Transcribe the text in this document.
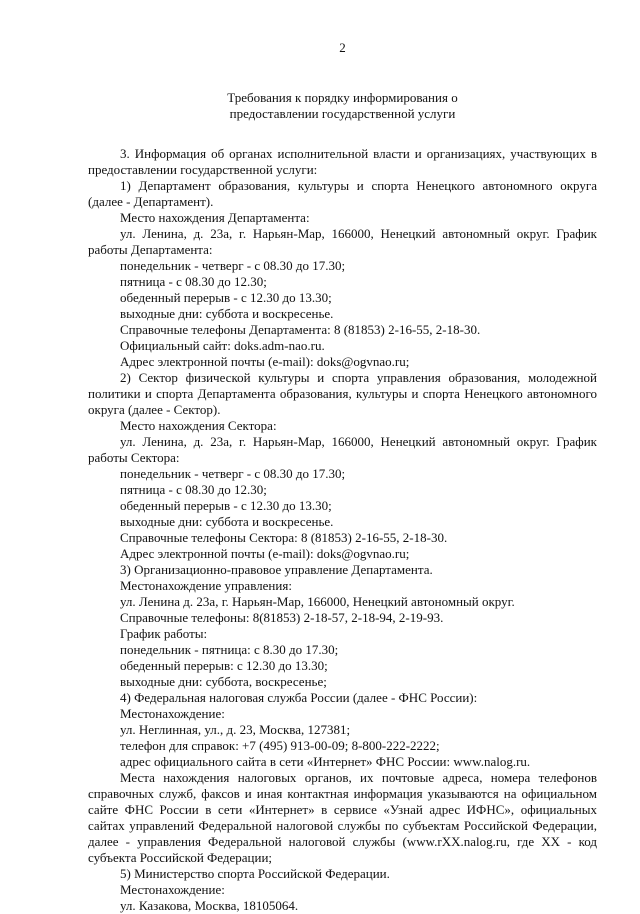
2
Требования к порядку информирования о
предоставлении государственной услуги

3. Информация об органах исполнительной власти и организациях, участвующих в предоставлении государственной услуги:

1) Департамент образования, культуры и спорта Ненецкого автономного округа (далее - Департамент).

Место нахождения Департамента:

ул. Ленина, д. 23а, г. Нарьян-Мар, 166000, Ненецкий автономный округ. График работы Департамента:

понедельник - четверг - с 08.30 до 17.30;

пятница - с 08.30 до 12.30;

обеденный перерыв - с 12.30 до 13.30;

выходные дни: суббота и воскресенье.

Справочные телефоны Департамента: 8 (81853) 2-16-55, 2-18-30.

Официальный сайт: doks.adm-nao.ru.

Адрес электронной почты (e-mail): doks@ogvnao.ru;

2) Сектор физической культуры и спорта управления образования, молодежной политики и спорта Департамента образования, культуры и спорта Ненецкого автономного округа (далее - Сектор).

Место нахождения Сектора:

ул. Ленина, д. 23а, г. Нарьян-Мар, 166000, Ненецкий автономный округ. График работы Сектора:

понедельник - четверг - с 08.30 до 17.30;

пятница - с 08.30 до 12.30;

обеденный перерыв - с 12.30 до 13.30;

выходные дни: суббота и воскресенье.

Справочные телефоны Сектора: 8 (81853) 2-16-55, 2-18-30.

Адрес электронной почты (e-mail): doks@ogvnao.ru;

3) Организационно-правовое управление Департамента.

Местонахождение управления:

ул. Ленина д. 23а, г. Нарьян-Мар, 166000, Ненецкий автономный округ.

Справочные телефоны: 8(81853) 2-18-57, 2-18-94, 2-19-93.

График работы:

понедельник - пятница: с 8.30 до 17.30;

обеденный перерыв: с 12.30 до 13.30;

выходные дни: суббота, воскресенье;

4) Федеральная налоговая служба России (далее - ФНС России):

Местонахождение:

ул. Неглинная, ул., д. 23, Москва, 127381;

телефон для справок: +7 (495) 913-00-09; 8-800-222-2222;

адрес официального сайта в сети «Интернет» ФНС России: www.nalog.ru.

Места нахождения налоговых органов, их почтовые адреса, номера телефонов справочных служб, факсов и иная контактная информация указываются на официальном сайте ФНС России в сети «Интернет» в сервисе «Узнай адрес ИФНС», официальных сайтах управлений Федеральной налоговой службы по субъектам Российской Федерации, далее - управления Федеральной налоговой службы (www.rXX.nalog.ru, где XX - код субъекта Российской Федерации;

5) Министерство спорта Российской Федерации.

Местонахождение:

ул. Казакова, Москва, 18105064.
